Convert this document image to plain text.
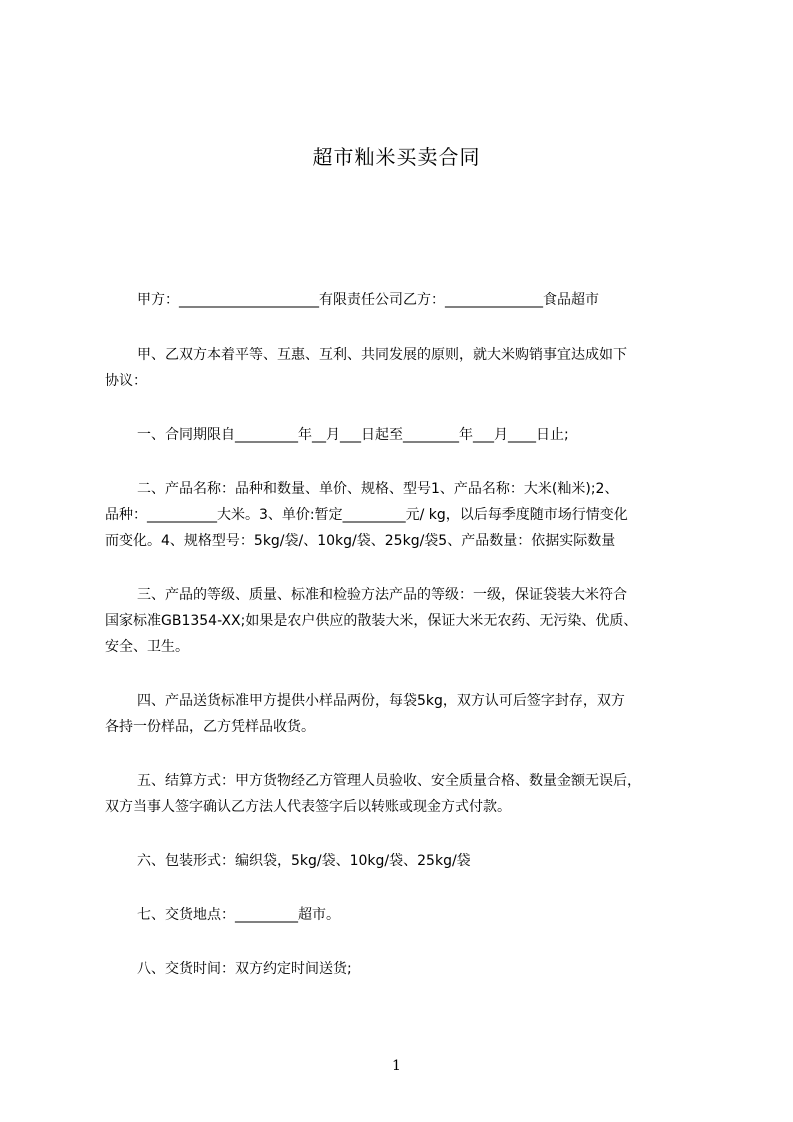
超市籼米买卖合同
甲方：____________________有限责任公司乙方：______________食品超市
甲、乙双方本着平等、互惠、互利、共同发展的原则，就大米购销事宜达成如下
协议：
一、合同期限自_________年__月___日起至________年___月____日止;
二、产品名称：品种和数量、单价、规格、型号1、产品名称：大米(籼米);2、
品种：__________大米。3、单价:暂定_________元/ kg，以后每季度随市场行情变化
而变化。4、规格型号：5kg/袋/、10kg/袋、25kg/袋5、产品数量：依据实际数量
三、产品的等级、质量、标准和检验方法产品的等级：一级，保证袋装大米符合
国家标准GB1354-XX;如果是农户供应的散装大米，保证大米无农药、无污染、优质、
安全、卫生。
四、产品送货标准甲方提供小样品两份，每袋5kg，双方认可后签字封存，双方
各持一份样品，乙方凭样品收货。
五、结算方式：甲方货物经乙方管理人员验收、安全质量合格、数量金额无误后，
双方当事人签字确认乙方法人代表签字后以转账或现金方式付款。
六、包装形式：编织袋，5kg/袋、10kg/袋、25kg/袋
七、交货地点：_________超市。
八、交货时间：双方约定时间送货;
1
